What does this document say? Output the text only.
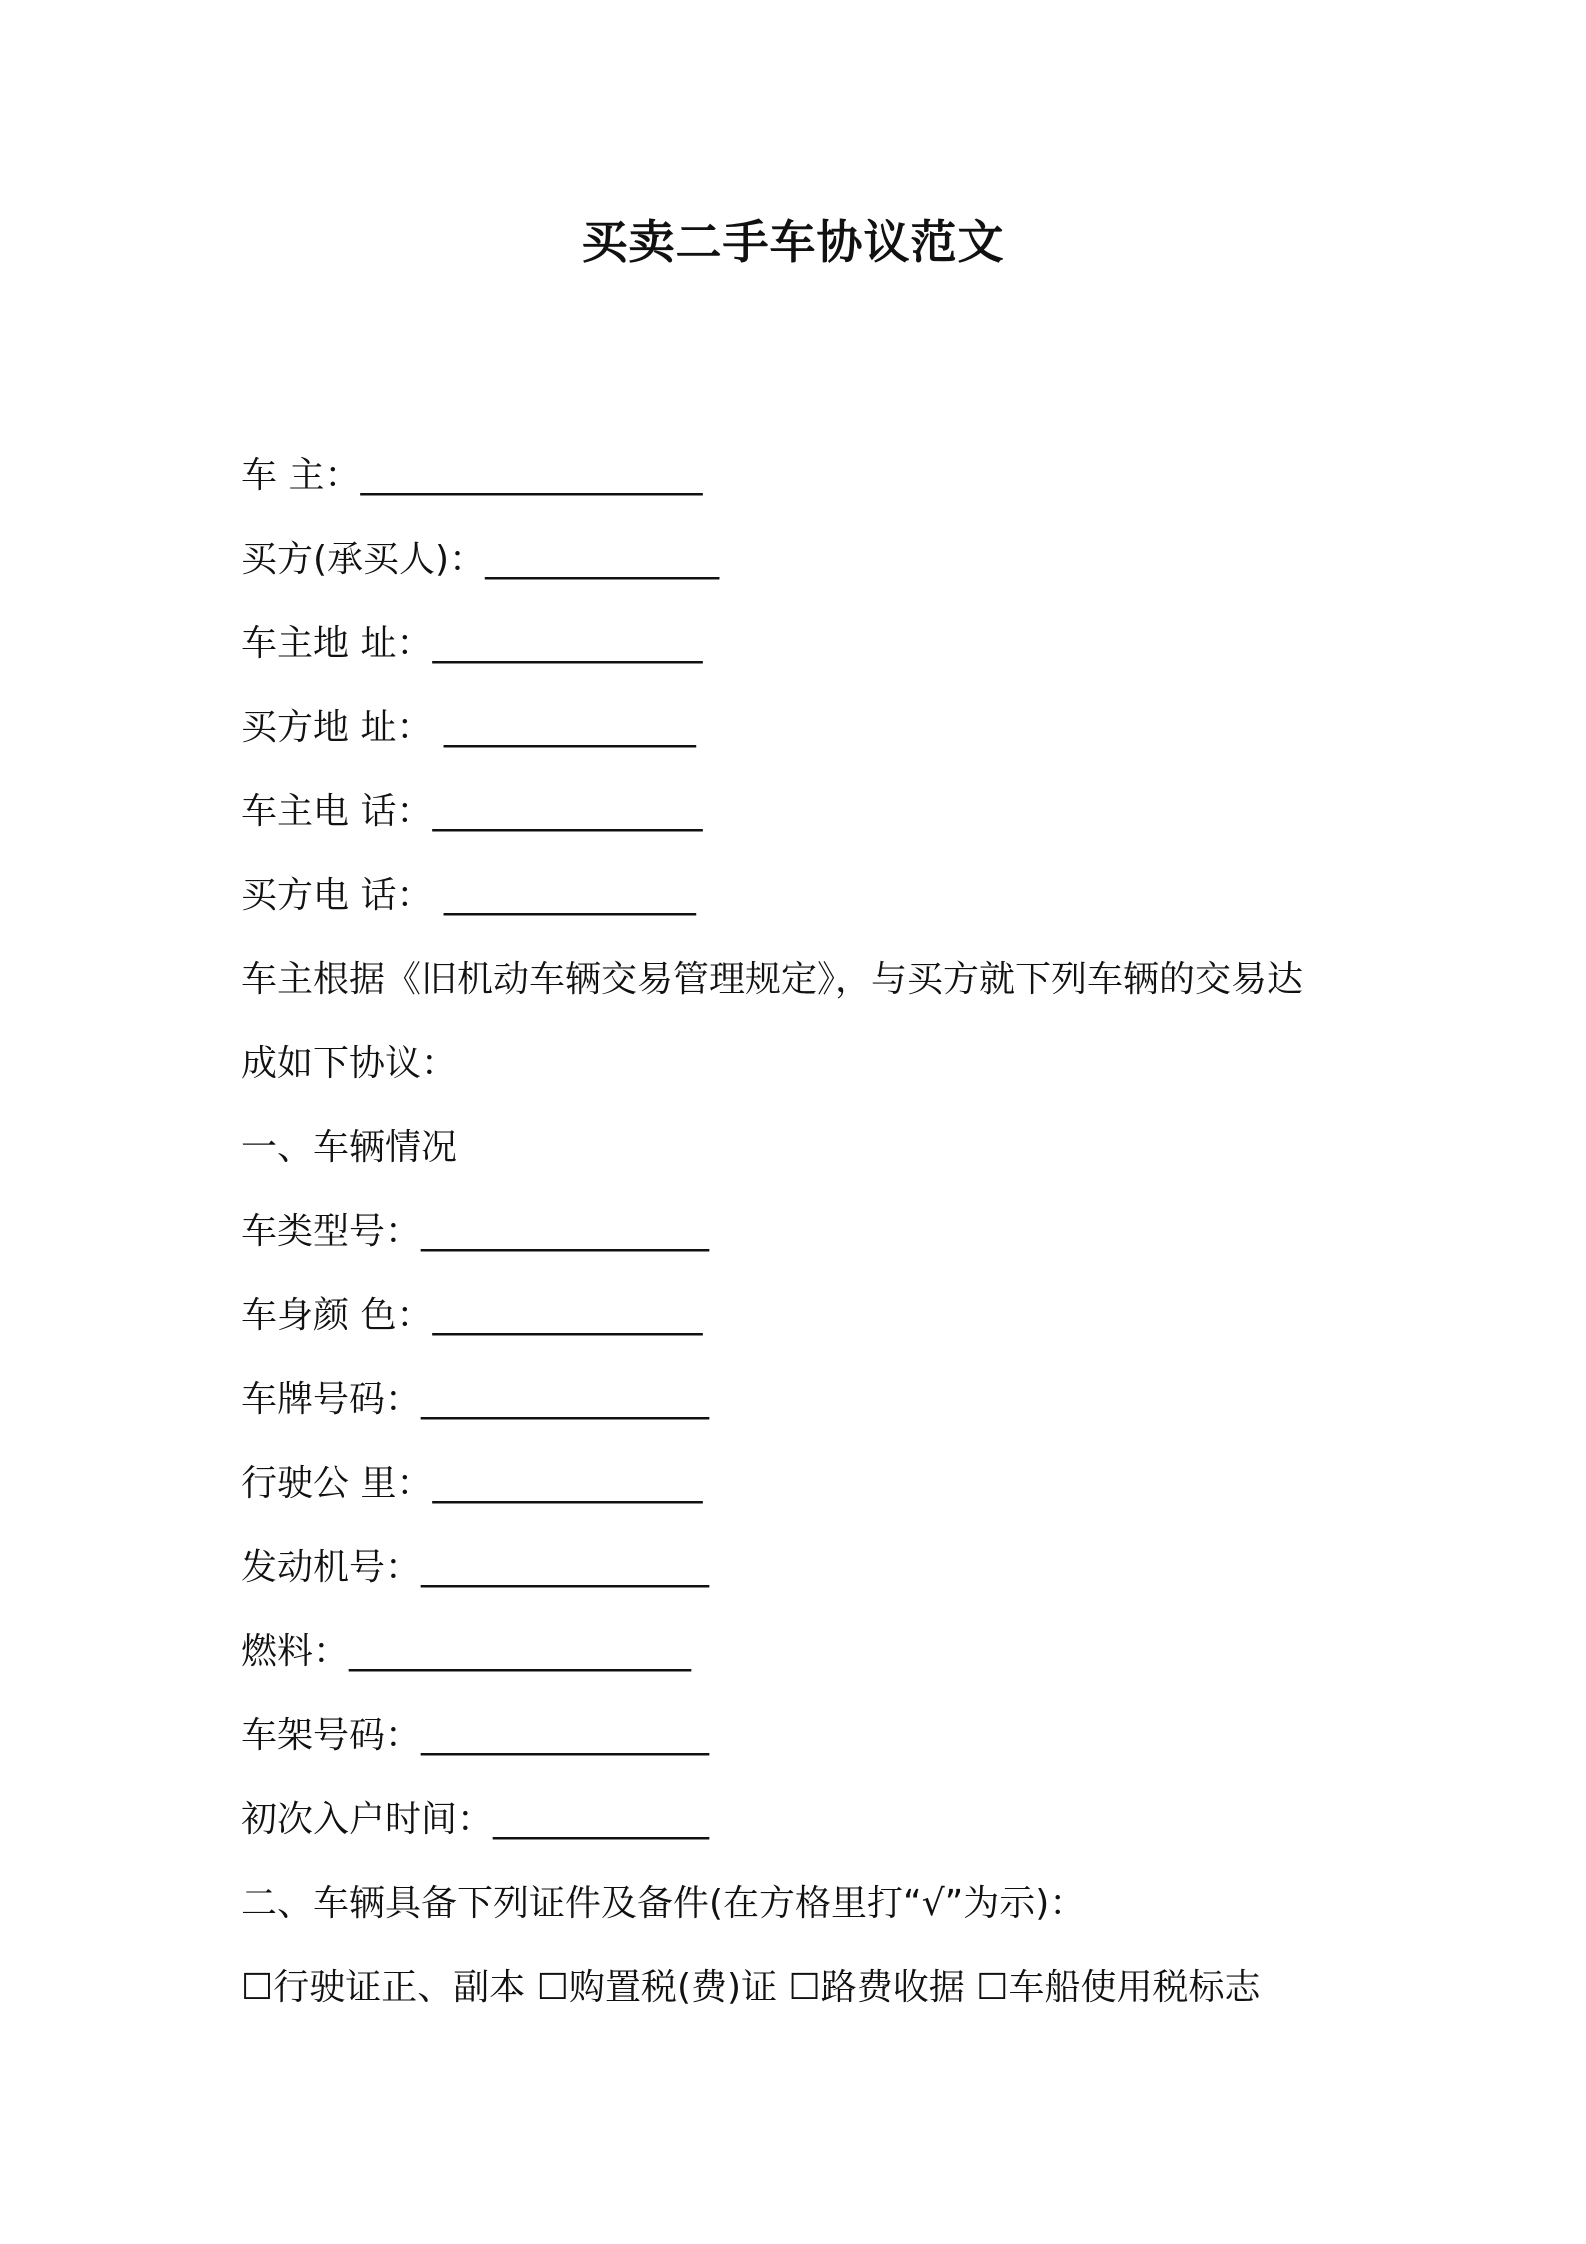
买卖二手车协议范文
车 主：___________________
买方(承买人)：_____________
车主地 址：_______________
买方地 址： ______________
车主电 话：_______________
买方电 话： ______________
车主根据《旧机动车辆交易管理规定》，与买方就下列车辆的交易达
成如下协议：
一、车辆情况
车类型号：________________
车身颜 色：_______________
车牌号码：________________
行驶公 里：_______________
发动机号：________________
燃料：___________________
车架号码：________________
初次入户时间：____________
二、车辆具备下列证件及备件(在方格里打“√”为示)：
☐行驶证正、副本 ☐购置税(费)证 ☐路费收据 ☐车船使用税标志
